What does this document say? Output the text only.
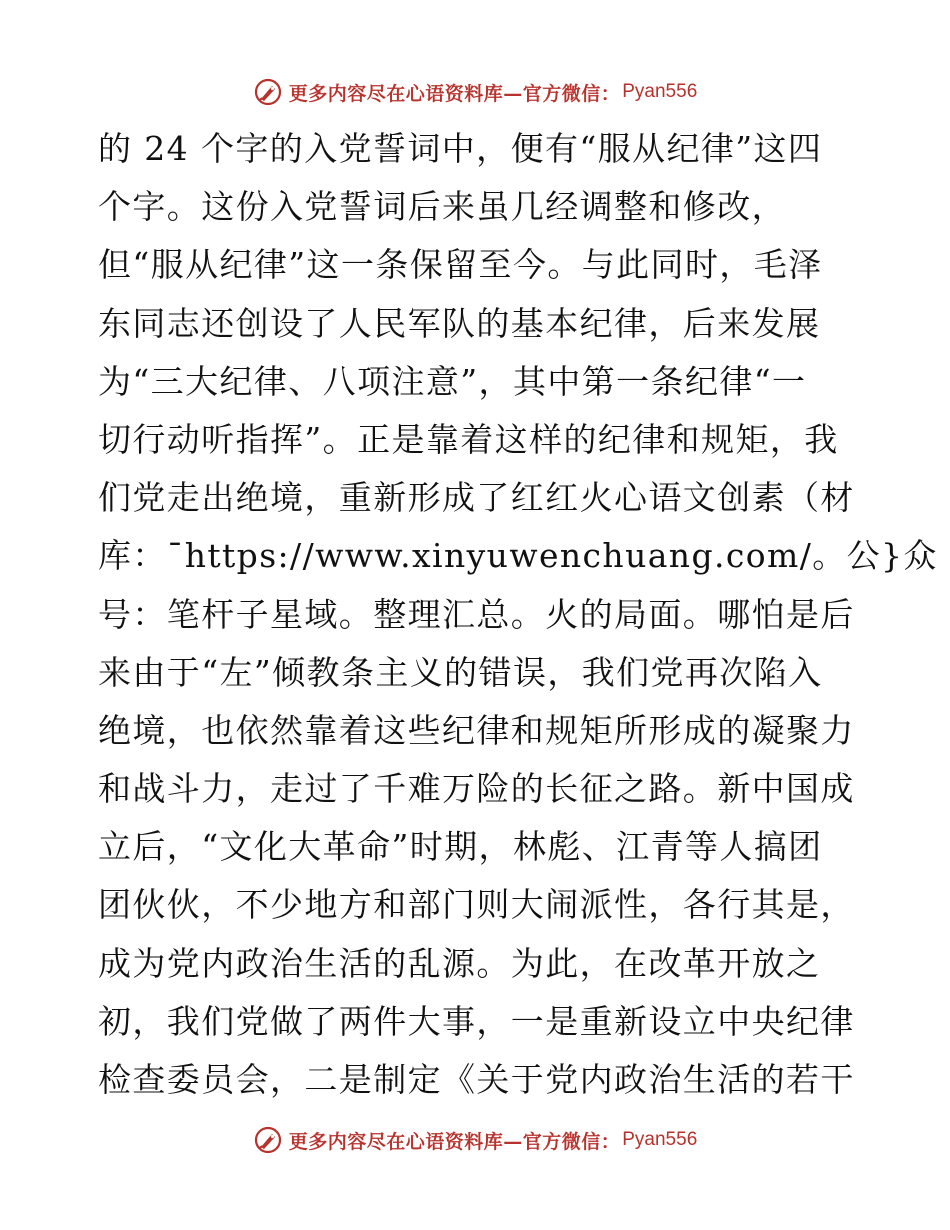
更多内容尽在心语资料库—官方微信： Pyan556
的 24 个字的入党誓词中，便有“服从纪律”这四
个字。这份入党誓词后来虽几经调整和修改，
但“服从纪律”这一条保留至今。与此同时，毛泽
东同志还创设了人民军队的基本纪律，后来发展
为“三大纪律、八项注意”，其中第一条纪律“一
切行动听指挥”。正是靠着这样的纪律和规矩，我
们党走出绝境，重新形成了红红火心语文创素（材
库：¯https://www.xinyuwenchuang.com/。公}众
号：笔杆子星域。整理汇总。火的局面。哪怕是后
来由于“左”倾教条主义的错误，我们党再次陷入
绝境，也依然靠着这些纪律和规矩所形成的凝聚力
和战斗力，走过了千难万险的长征之路。新中国成
立后，“文化大革命”时期，林彪、江青等人搞团
团伙伙，不少地方和部门则大闹派性，各行其是，
成为党内政治生活的乱源。为此，在改革开放之
初，我们党做了两件大事，一是重新设立中央纪律
检查委员会，二是制定《关于党内政治生活的若干
更多内容尽在心语资料库—官方微信： Pyan556
